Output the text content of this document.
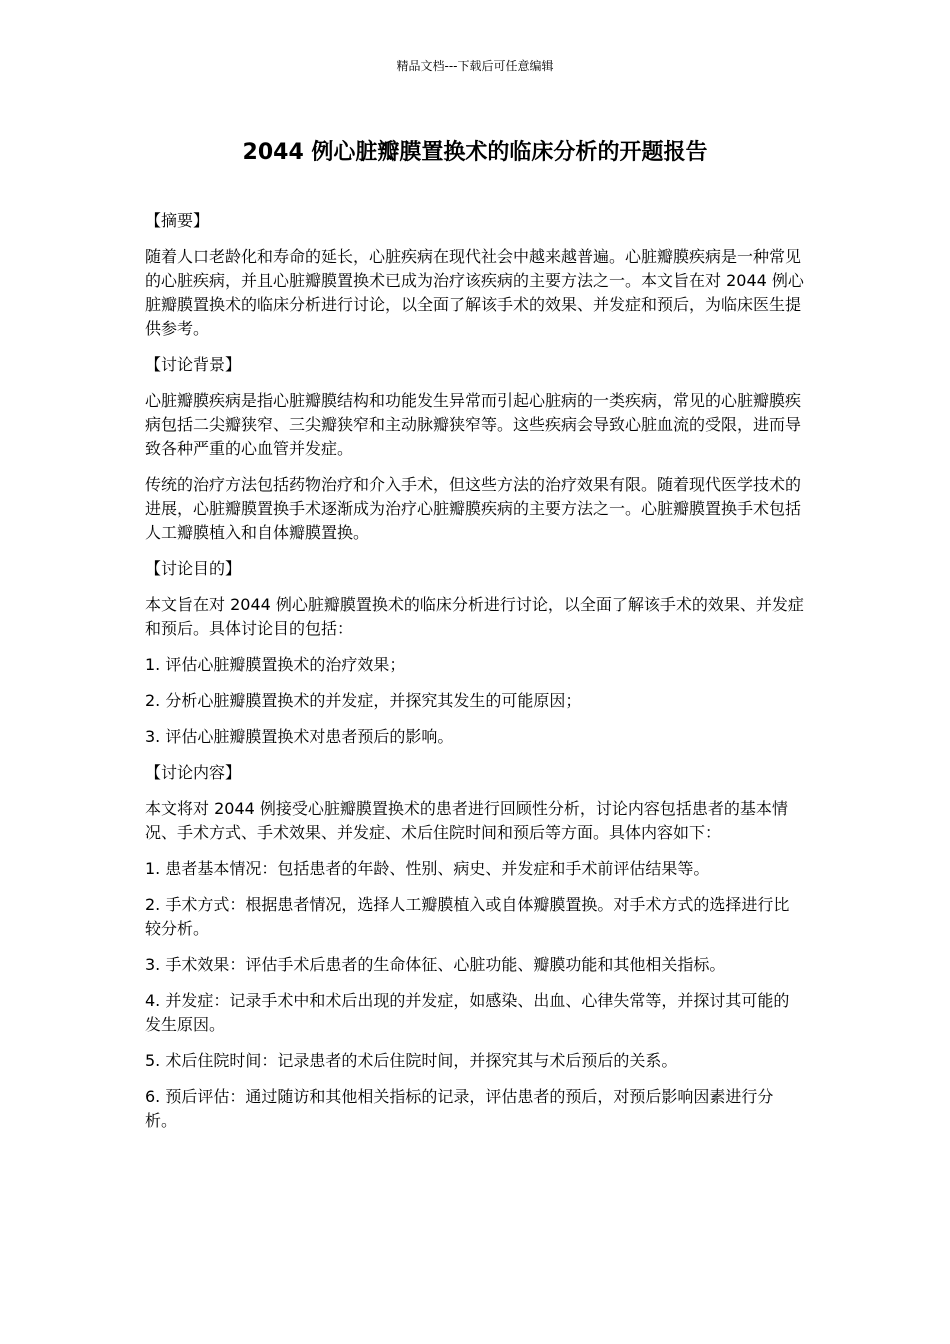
精品文档---下载后可任意编辑
2044 例心脏瓣膜置换术的临床分析的开题报告

【摘要】

随着人口老龄化和寿命的延长，心脏疾病在现代社会中越来越普遍。心脏瓣膜疾病是一种常见的心脏疾病，并且心脏瓣膜置换术已成为治疗该疾病的主要方法之一。本文旨在对 2044 例心脏瓣膜置换术的临床分析进行讨论，以全面了解该手术的效果、并发症和预后，为临床医生提供参考。

【讨论背景】

心脏瓣膜疾病是指心脏瓣膜结构和功能发生异常而引起心脏病的一类疾病，常见的心脏瓣膜疾病包括二尖瓣狭窄、三尖瓣狭窄和主动脉瓣狭窄等。这些疾病会导致心脏血流的受限，进而导致各种严重的心血管并发症。

传统的治疗方法包括药物治疗和介入手术，但这些方法的治疗效果有限。随着现代医学技术的进展，心脏瓣膜置换手术逐渐成为治疗心脏瓣膜疾病的主要方法之一。心脏瓣膜置换手术包括人工瓣膜植入和自体瓣膜置换。

【讨论目的】

本文旨在对 2044 例心脏瓣膜置换术的临床分析进行讨论，以全面了解该手术的效果、并发症和预后。具体讨论目的包括：

1. 评估心脏瓣膜置换术的治疗效果；

2. 分析心脏瓣膜置换术的并发症，并探究其发生的可能原因；

3. 评估心脏瓣膜置换术对患者预后的影响。

【讨论内容】

本文将对 2044 例接受心脏瓣膜置换术的患者进行回顾性分析，讨论内容包括患者的基本情况、手术方式、手术效果、并发症、术后住院时间和预后等方面。具体内容如下：

1. 患者基本情况：包括患者的年龄、性别、病史、并发症和手术前评估结果等。

2. 手术方式：根据患者情况，选择人工瓣膜植入或自体瓣膜置换。对手术方式的选择进行比较分析。

3. 手术效果：评估手术后患者的生命体征、心脏功能、瓣膜功能和其他相关指标。

4. 并发症：记录手术中和术后出现的并发症，如感染、出血、心律失常等，并探讨其可能的发生原因。

5. 术后住院时间：记录患者的术后住院时间，并探究其与术后预后的关系。

6. 预后评估：通过随访和其他相关指标的记录，评估患者的预后，对预后影响因素进行分析。
